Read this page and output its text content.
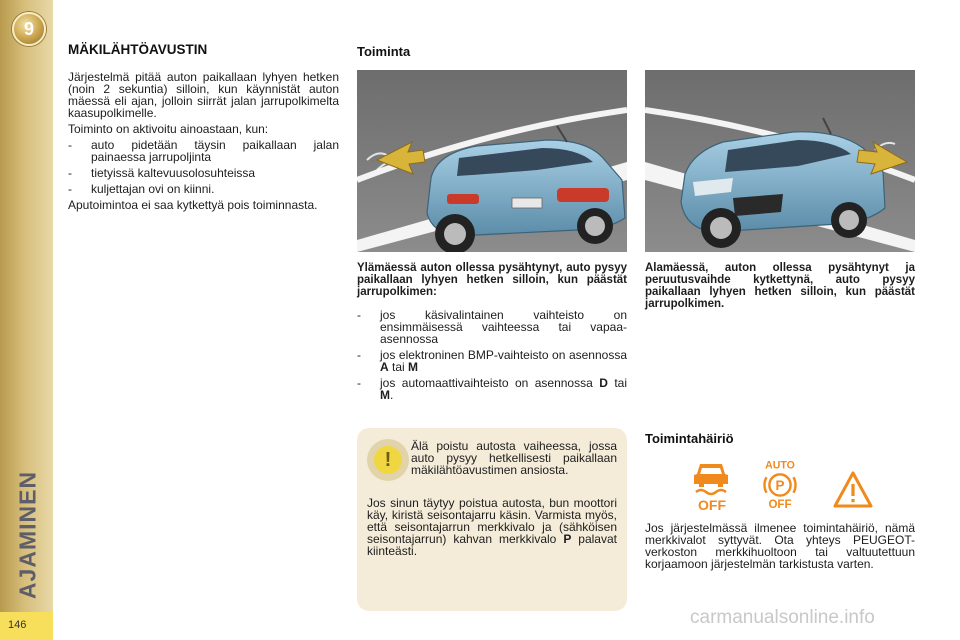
9
AJAMINEN
146
MÄKILÄHTÖAVUSTIN

Järjestelmä pitää auton paikallaan lyhyen hetken (noin 2 sekuntia) silloin, kun käynnistät auton mäessä eli ajan, jolloin siirrät jalan jarrupolkimelta kaasupolkimelle.

Toiminto on aktivoitu ainoastaan, kun:

- auto pidetään täysin paikallaan jalan painaessa jarrupoljinta
- tietyissä kaltevuusolosuhteissa
- kuljettajan ovi on kiinni.

Aputoimintoa ei saa kytkettyä pois toiminnasta.

Toiminta
Ylämäessä auton ollessa pysähtynyt, auto pysyy paikallaan lyhyen hetken silloin, kun päästät jarrupolkimen:
- jos käsivalintainen vaihteisto on ensimmäisessä vaihteessa tai vapaa-asennossa
- jos elektroninen BMP-vaihteisto on asennossa A tai M
- jos automaattivaihteisto on asennossa D tai M.
Alamäessä, auton ollessa pysähtynyt ja peruutusvaihde kytkettynä, auto pysyy paikallaan lyhyen hetken silloin, kun päästät jarrupolkimen.
!
Älä poistu autosta vaiheessa, jossa auto pysyy hetkellisesti paikallaan mäkilähtöavustimen ansiosta.
Jos sinun täytyy poistua autosta, bun moottori käy, kiristä seisontajarru käsin. Varmista myös, että seisontajarrun merkkivalo ja (sähköisen seisontajarrun) kahvan merkkivalo P palavat kiinteästi.
Toimintahäiriö
OFF
AUTO
P
OFF
Jos järjestelmässä ilmenee toimintahäiriö, nämä merkkivalot syttyvät. Ota yhteys PEUGEOT-verkoston merkkihuoltoon tai valtuutettuun korjaamoon järjestelmän tarkistusta varten.
carmanualsonline.info
